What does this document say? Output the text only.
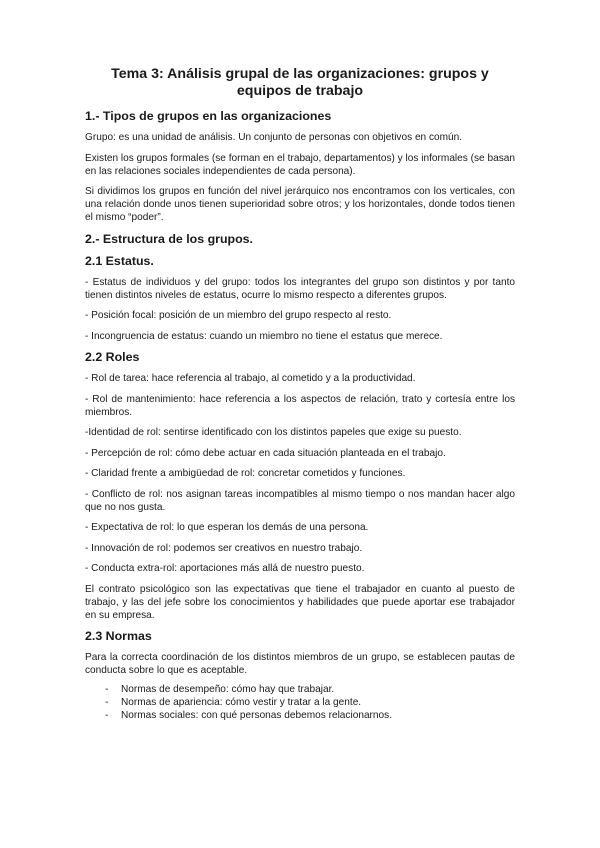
Tema 3: Análisis grupal de las organizaciones: grupos y equipos de trabajo
1.- Tipos de grupos en las organizaciones

Grupo: es una unidad de análisis. Un conjunto de personas con objetivos en común.

Existen los grupos formales (se forman en el trabajo, departamentos) y los informales (se basan en las relaciones sociales independientes de cada persona).

Si dividimos los grupos en función del nivel jerárquico nos encontramos con los verticales, con una relación donde unos tienen superioridad sobre otros; y los horizontales, donde todos tienen el mismo “poder”.

2.- Estructura de los grupos.
2.1 Estatus.

- Estatus de individuos y del grupo: todos los integrantes del grupo son distintos y por tanto tienen distintos niveles de estatus, ocurre lo mismo respecto a diferentes grupos.

- Posición focal: posición de un miembro del grupo respecto al resto.

- Incongruencia de estatus: cuando un miembro no tiene el estatus que merece.

2.2 Roles

- Rol de tarea: hace referencia al trabajo, al cometido y a la productividad.

- Rol de mantenimiento: hace referencia a los aspectos de relación, trato y cortesía entre los miembros.

-Identidad de rol: sentirse identificado con los distintos papeles que exige su puesto.

- Percepción de rol: cómo debe actuar en cada situación planteada en el trabajo.

- Claridad frente a ambigüedad de rol: concretar cometidos y funciones.

- Conflicto de rol: nos asignan tareas incompatibles al mismo tiempo o nos mandan hacer algo que no nos gusta.

- Expectativa de rol: lo que esperan los demás de una persona.

- Innovación de rol: podemos ser creativos en nuestro trabajo.

- Conducta extra-rol: aportaciones más allá de nuestro puesto.

El contrato psicológico son las expectativas que tiene el trabajador en cuanto al puesto de trabajo, y las del jefe sobre los conocimientos y habilidades que puede aportar ese trabajador en su empresa.

2.3 Normas

Para la correcta coordinación de los distintos miembros de un grupo, se establecen pautas de conducta sobre lo que es aceptable.

- Normas de desempeño: cómo hay que trabajar.
- Normas de apariencia: cómo vestir y tratar a la gente.
- Normas sociales: con qué personas debemos relacionarnos.
